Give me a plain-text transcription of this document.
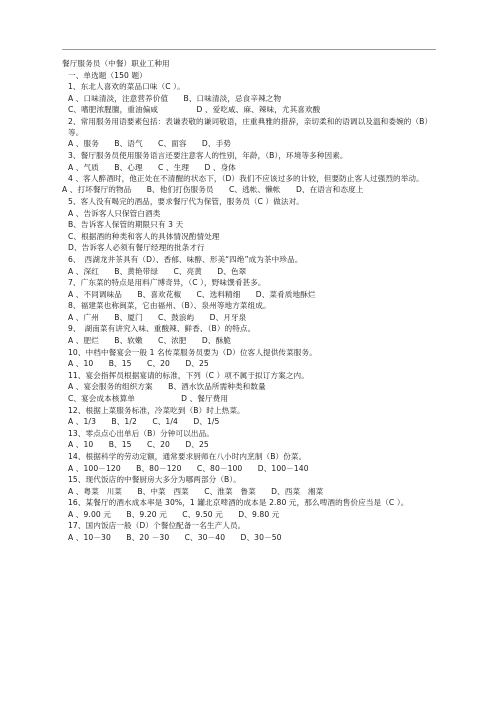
餐厅服务员（中餐）职业工种用
一、单选题（150 题）
1、东北人喜欢的菜品口味（C ）。
A 、口味清淡，注意营养价值　　B、口味清淡，忌食辛辣之物
C、嗜肥浓腥膻，重油偏咸　　　　　D 、爱吃咸、麻、辣味，尤其喜欢酸
2、常用服务用语要素包括：表谦表敬的谦词敬语，庄重典雅的措辞，亲切柔和的语调以及温和委婉的（B）等。
A 、服务　　B、语气　　C、面容　　D、手势
3、餐厅服务员使用服务语言还要注意客人的性别，年龄，（B），环境等多种因素。
A 、气质　　B、心理　　C 、生理　　D 、身体
4 、客人醉酒时，他正处在不清醒的状态下，（D）我们不应该过多的计较，但要防止客人过强烈的举动。
A 、打坏餐厅的物品　　B、他们打伤服务员　　C、逃帐、懒帐　　D、在语言和态度上
5、客人没有喝完的酒品，要求餐厅代为保管，服务员（C ）做法对。
A 、告诉客人只保管白酒类
B、告诉客人保管的期限只有 3 天
C、根据酒的种类和客人的具体情况酌情处理
D、告诉客人必须有餐厅经理的批条才行
6、　西湖龙井茶具有（D）、香郁、味醇、形美“四绝”成为茶中珍品。
A 、深红　　B、黄艳带绿　　C、亮黄　　D、色翠
7、广东菜的特点是用料广博奇异，（C ），野味馔肴甚多。
A 、不同调味品　　B、喜欢花椒　　C、选料精细　　D、菜肴质地酥烂
8、福建菜也称闽菜，它由福州、（B）、泉州等地方菜组成。
A 、广州　　B、厦门　　C、鼓浪屿　　D、月牙泉
9、　湖南菜有讲究入味、重酸辣、鲜香、（B）的特点。
A 、肥烂　　B、软嫩　　C、浓肥　　D、酥脆
10、中档中餐宴会一般 1 名传菜服务员要为（D）位客人提供传菜服务。
A 、10　　B、15　　C、20　　D、25
11、宴会指挥员根据宴请的标准，下列（C ）项不属于拟订方案之内。
A 、宴会服务的组织方案　　B、酒水饮品所需种类和数量
C、宴会成本核算单　　　　　　D 、餐厅费用
12、根据上菜服务标准，冷菜吃到（B）时上热菜。
A 、1/3　　B、1/2　　C、1/4　　D、1/5
13、零点点心出单后（B）分钟可以出品。
A 、10　　B、15　　C、20　　D、25
14、根据科学的劳动定额，通常要求厨师在八小时内烹制（B）份菜。
A 、100－120　　B、80－120　　C、80－100　　D、100－140
15、现代饭店的中餐厨房大多分为哪两部分（B）。
A 、粤菜　川菜　　B、中菜　西菜　　C、淮菜　鲁菜　　D、西菜　湘菜
16、某餐厅的酒水成本率是 30%，1 罐北京啤酒的成本是 2.80 元，那么啤酒的售价应当是（C ）。
A 、9.00 元　　B、9.20 元　　C、9.50 元　　D、9.80 元
17、国内饭店一般（D）个餐位配备一名生产人员。
A 、10－30　　B、20 －30　　C、30－40　　D、30－50
